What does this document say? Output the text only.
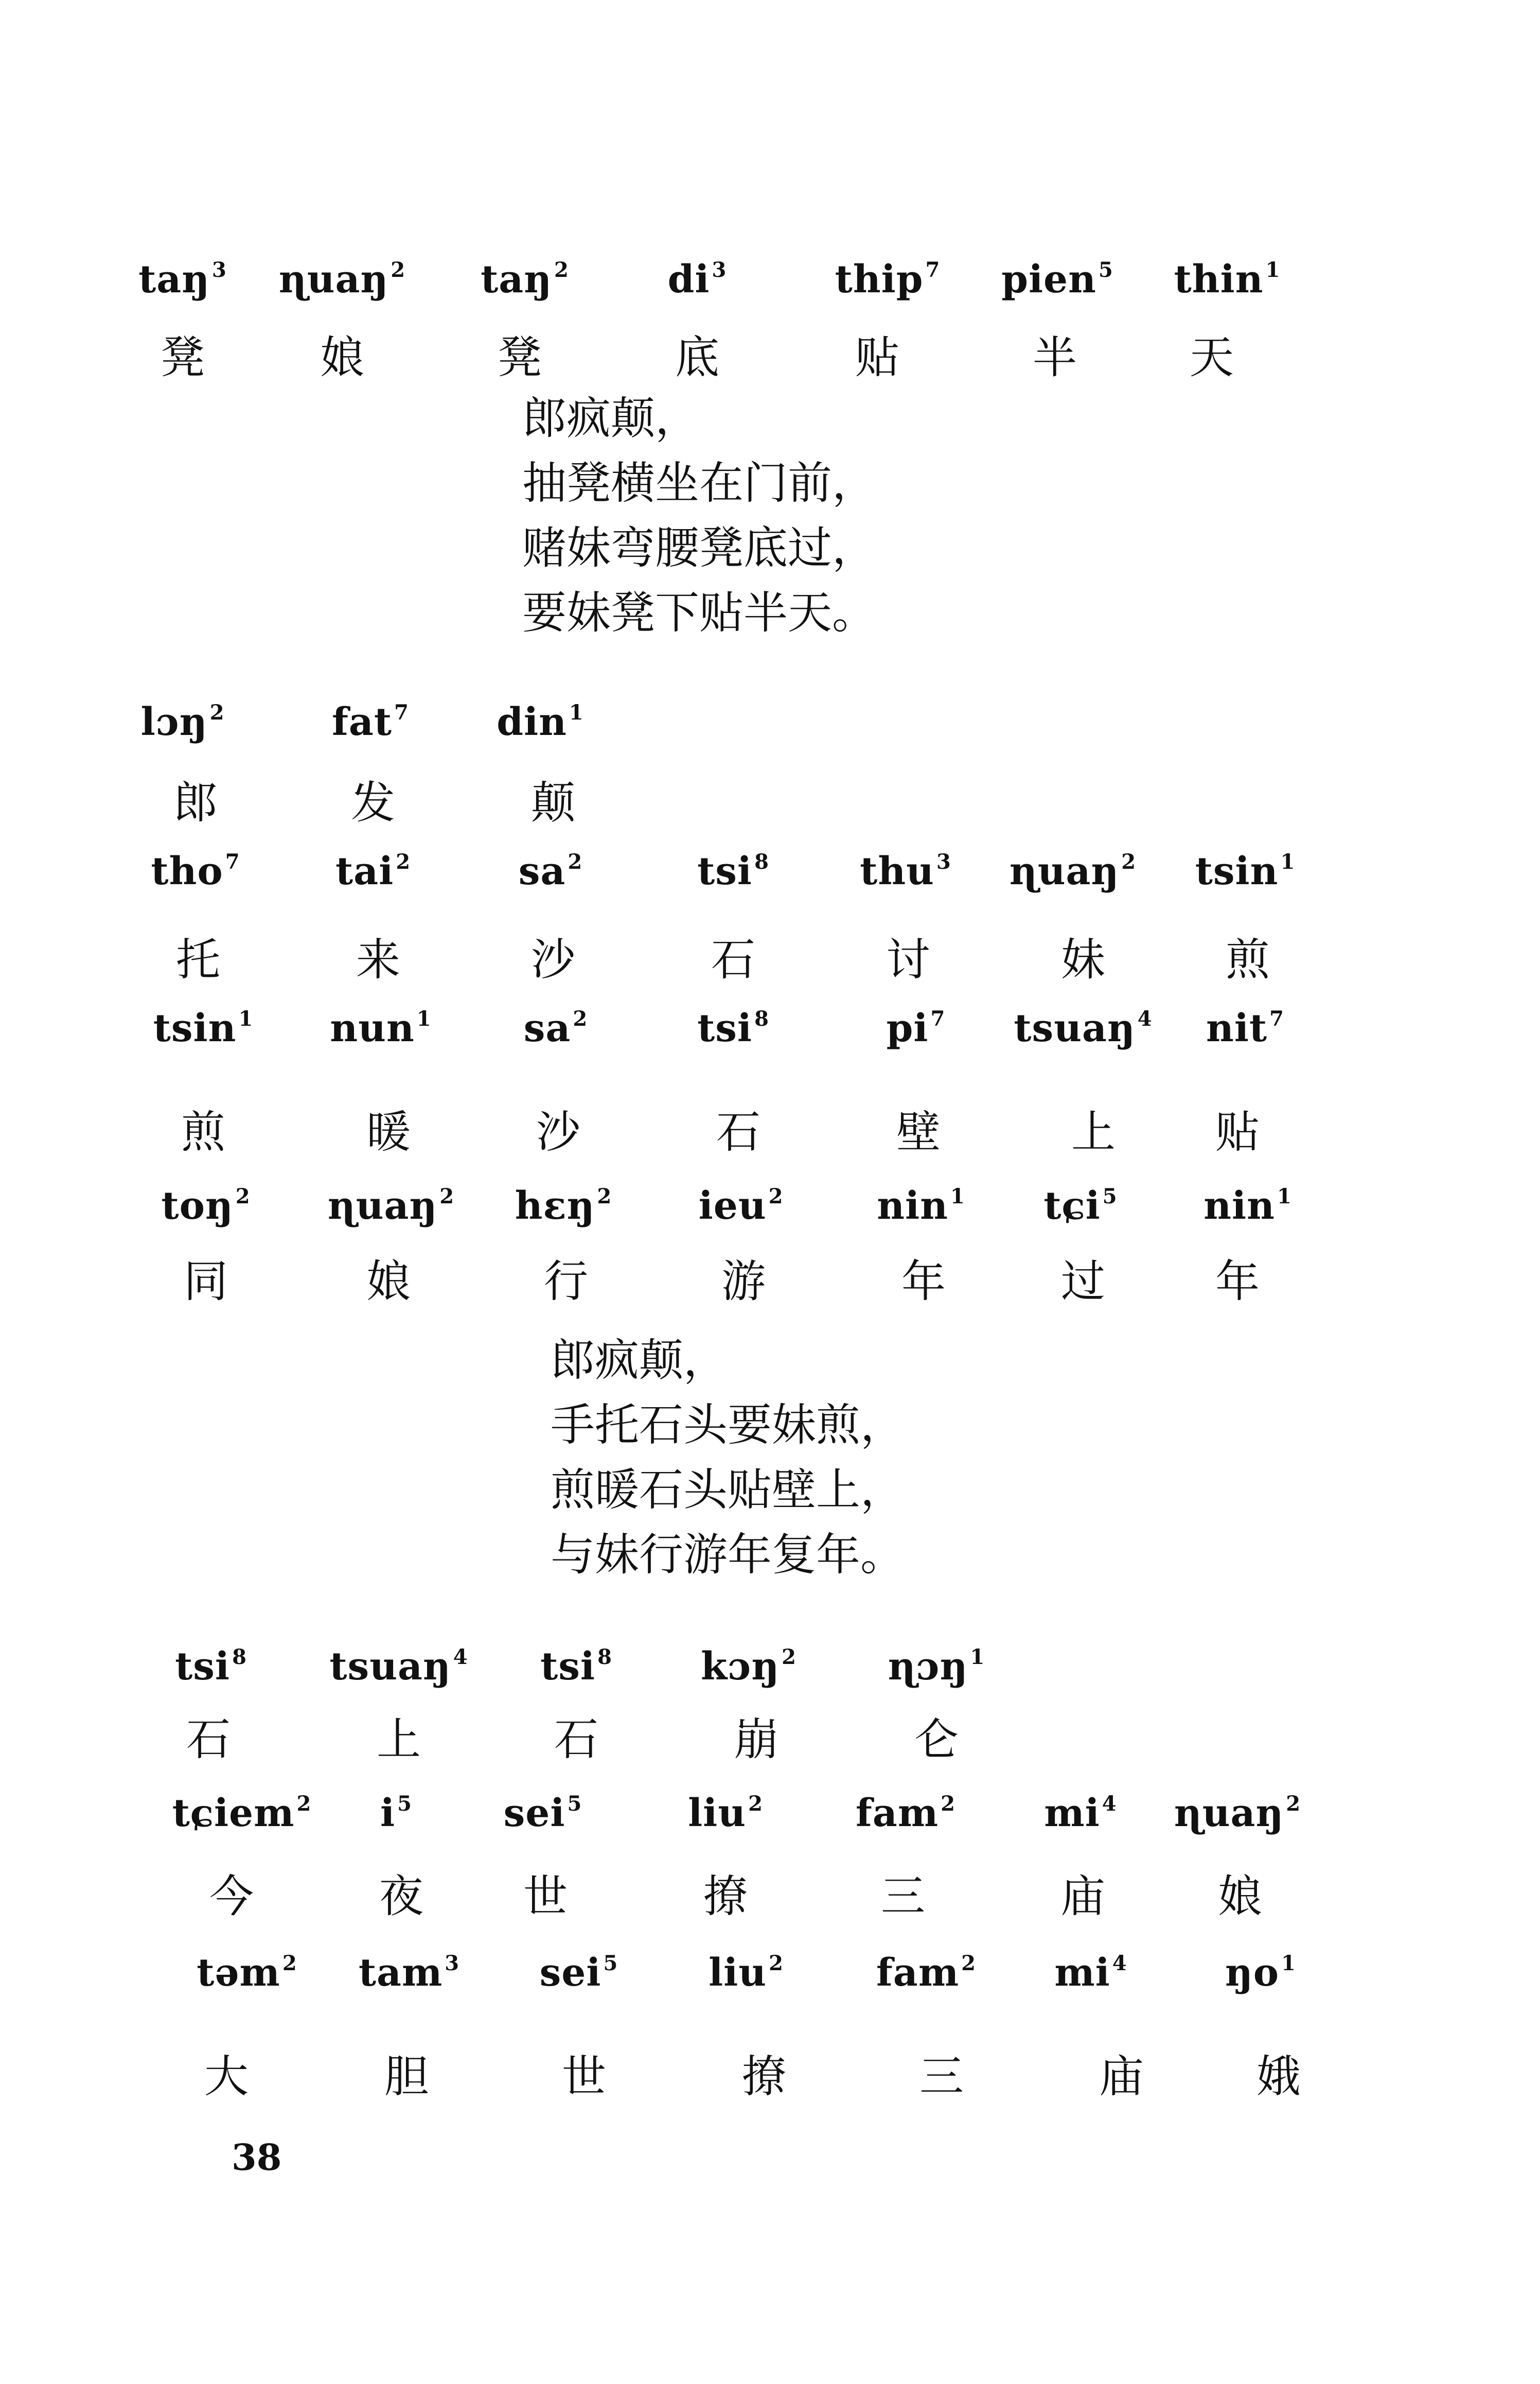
taŋ $^3$ ɳuaŋ $^2$ taŋ $^2$	di $^3$	thip $^7$ pien $^5$ thin $^1$
凳	娘	凳	底	贴	半	天
郎疯颠，
抽凳横坐在门前，
赌妹弯腰凳底过，
要妹凳下贴半天。
lɔŋ $^2$	fat $^7$ din $^1$
郎	发	颠
tho $^7$	tai $^2$	sa $^2$	tsi $^8$ thu $^3$ ɳuaŋ $^2$ tsin $^1$
托	来	沙	石	讨	妹	煎
tsin $^1$ nun $^1$ sa $^2$	tsi $^8$	pi $^7$ tsuaŋ $^4$ nit $^7$
煎	暖	沙	石	壁	上 贴
toŋ $^2$ ɳuaŋ $^2$ hɛŋ $^2$ ieu $^2$ nin $^1$ tɕi $^5$ nin $^1$
同	娘	行	游	年	过 年
郎疯颠，
手托石头要妹煎，
煎暖石头贴壁上，
与妹行游年复年。
tsi $^8$ tsuaŋ $^4$ tsi $^8$ kɔŋ $^2$ ɳɔŋ $^1$
石	上	石	崩	仑
tɕiem $^2$ i $^5$ sei $^5$	liu $^2$ fam $^2$ mi $^4$ ɳuaŋ $^2$
今	夜 世	撩	三	庙	娘
təm $^2$ tam $^3$ sei $^5$ liu $^2$ fam $^2$ mi $^4$	ŋo $^1$
大	胆	世	撩	三	庙	娥
38
